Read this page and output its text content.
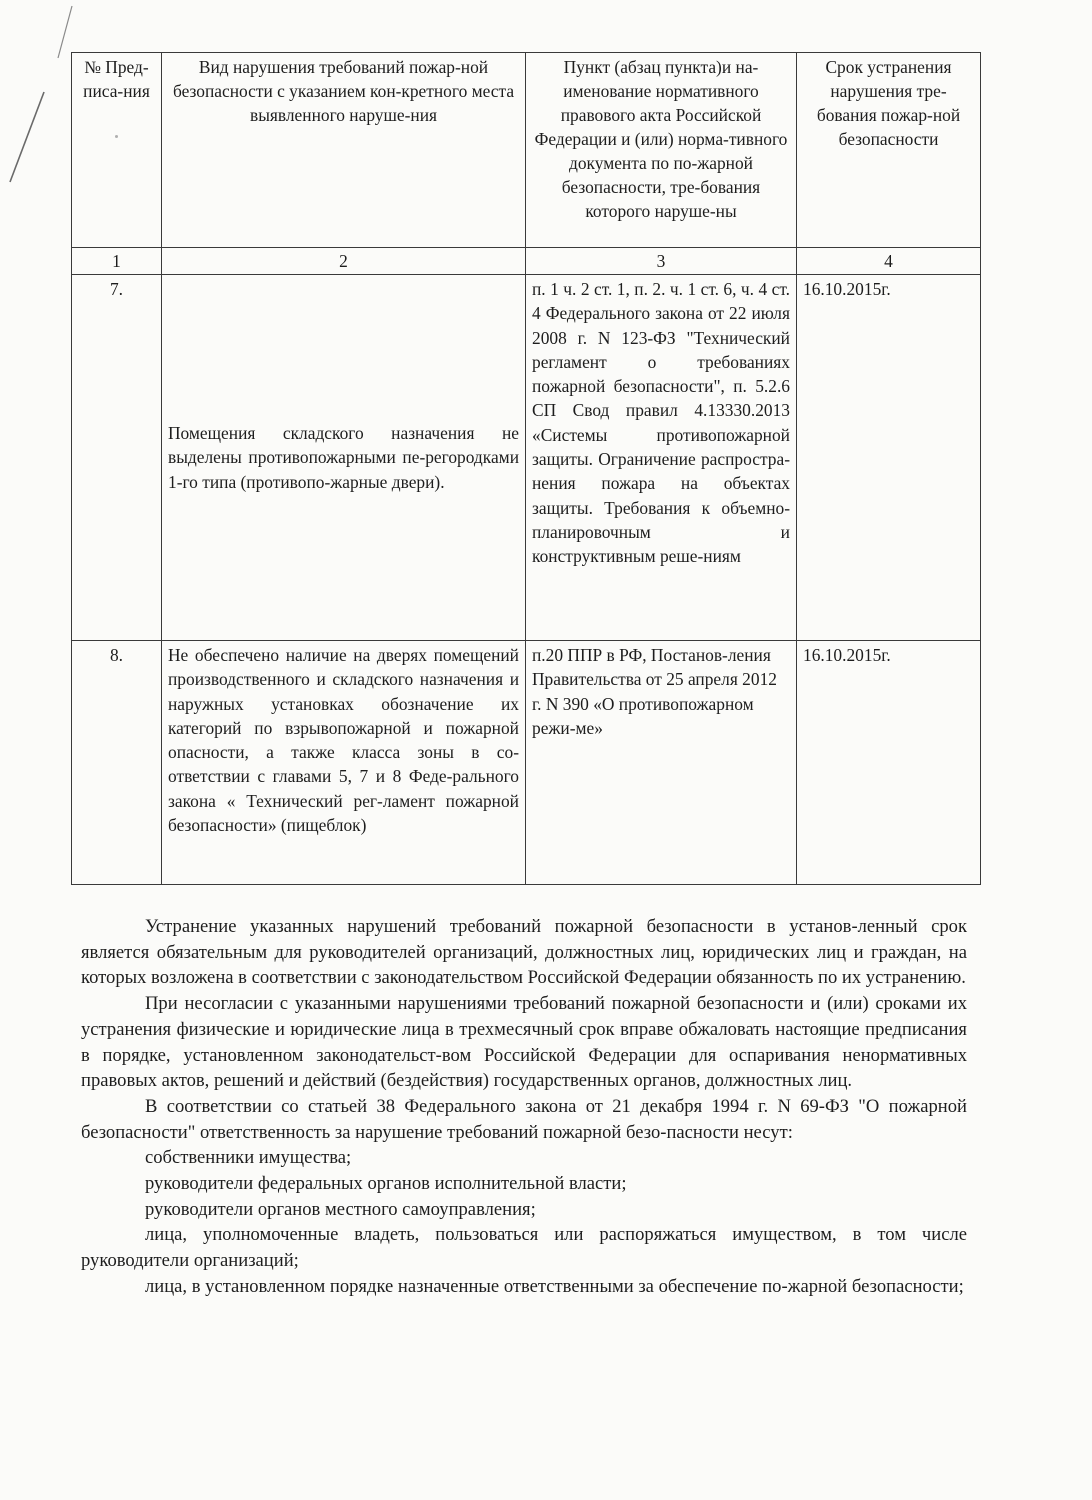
№ Пред-писа-ния	Вид нарушения требований пожар-ной безопасности с указанием кон-кретного места выявленного наруше-ния	Пункт (абзац пункта)и на-именование нормативного правового акта Российской Федерации и (или) норма-тивного документа по по-жарной безопасности, тре-бования которого наруше-ны	Срок устранения нарушения тре-бования пожар-ной безопасности
1	2	3	4
7.	Помещения складского назначения не выделены противопожарными пе-регородками 1-го типа (противопо-жарные двери).	п. 1 ч. 2 ст. 1, п. 2. ч. 1 ст. 6, ч. 4 ст. 4 Федерального закона от 22 июля 2008 г. N 123-ФЗ "Технический регламент о требованиях пожарной безопасности", п. 5.2.6 СП Свод правил 4.13330.2013 «Системы противопожарной защиты. Ограничение распростра-нения пожара на объектах защиты. Требования к объемно-планировочным и конструктивным реше-ниям	16.10.2015г.
8.	Не обеспечено наличие на дверях помещений производственного и складского назначения и наружных установках обозначение их категорий по взрывопожарной и пожарной опасности, а также класса зоны в со-ответствии с главами 5, 7 и 8 Феде-рального закона « Технический рег-ламент пожарной безопасности» (пищеблок)	п.20 ППР в РФ, Постанов-ления Правительства от 25 апреля 2012 г. N 390 «О противопожарном режи-ме»	16.10.2015г.

Устранение указанных нарушений требований пожарной безопасности в установ-ленный срок является обязательным для руководителей организаций, должностных лиц, юридических лиц и граждан, на которых возложена в соответствии с законодательством Российской Федерации обязанность по их устранению.

При несогласии с указанными нарушениями требований пожарной безопасности и (или) сроками их устранения физические и юридические лица в трехмесячный срок вправе обжаловать настоящие предписания в порядке, установленном законодательст-вом Российской Федерации для оспаривания ненормативных правовых актов, решений и действий (бездействия) государственных органов, должностных лиц.

В соответствии со статьей 38 Федерального закона от 21 декабря 1994 г. N 69-ФЗ "О пожарной безопасности" ответственность за нарушение требований пожарной безо-пасности несут:

собственники имущества;

руководители федеральных органов исполнительной власти;

руководители органов местного самоуправления;

лица, уполномоченные владеть, пользоваться или распоряжаться имуществом, в том числе руководители организаций;

лица, в установленном порядке назначенные ответственными за обеспечение по-жарной безопасности;
